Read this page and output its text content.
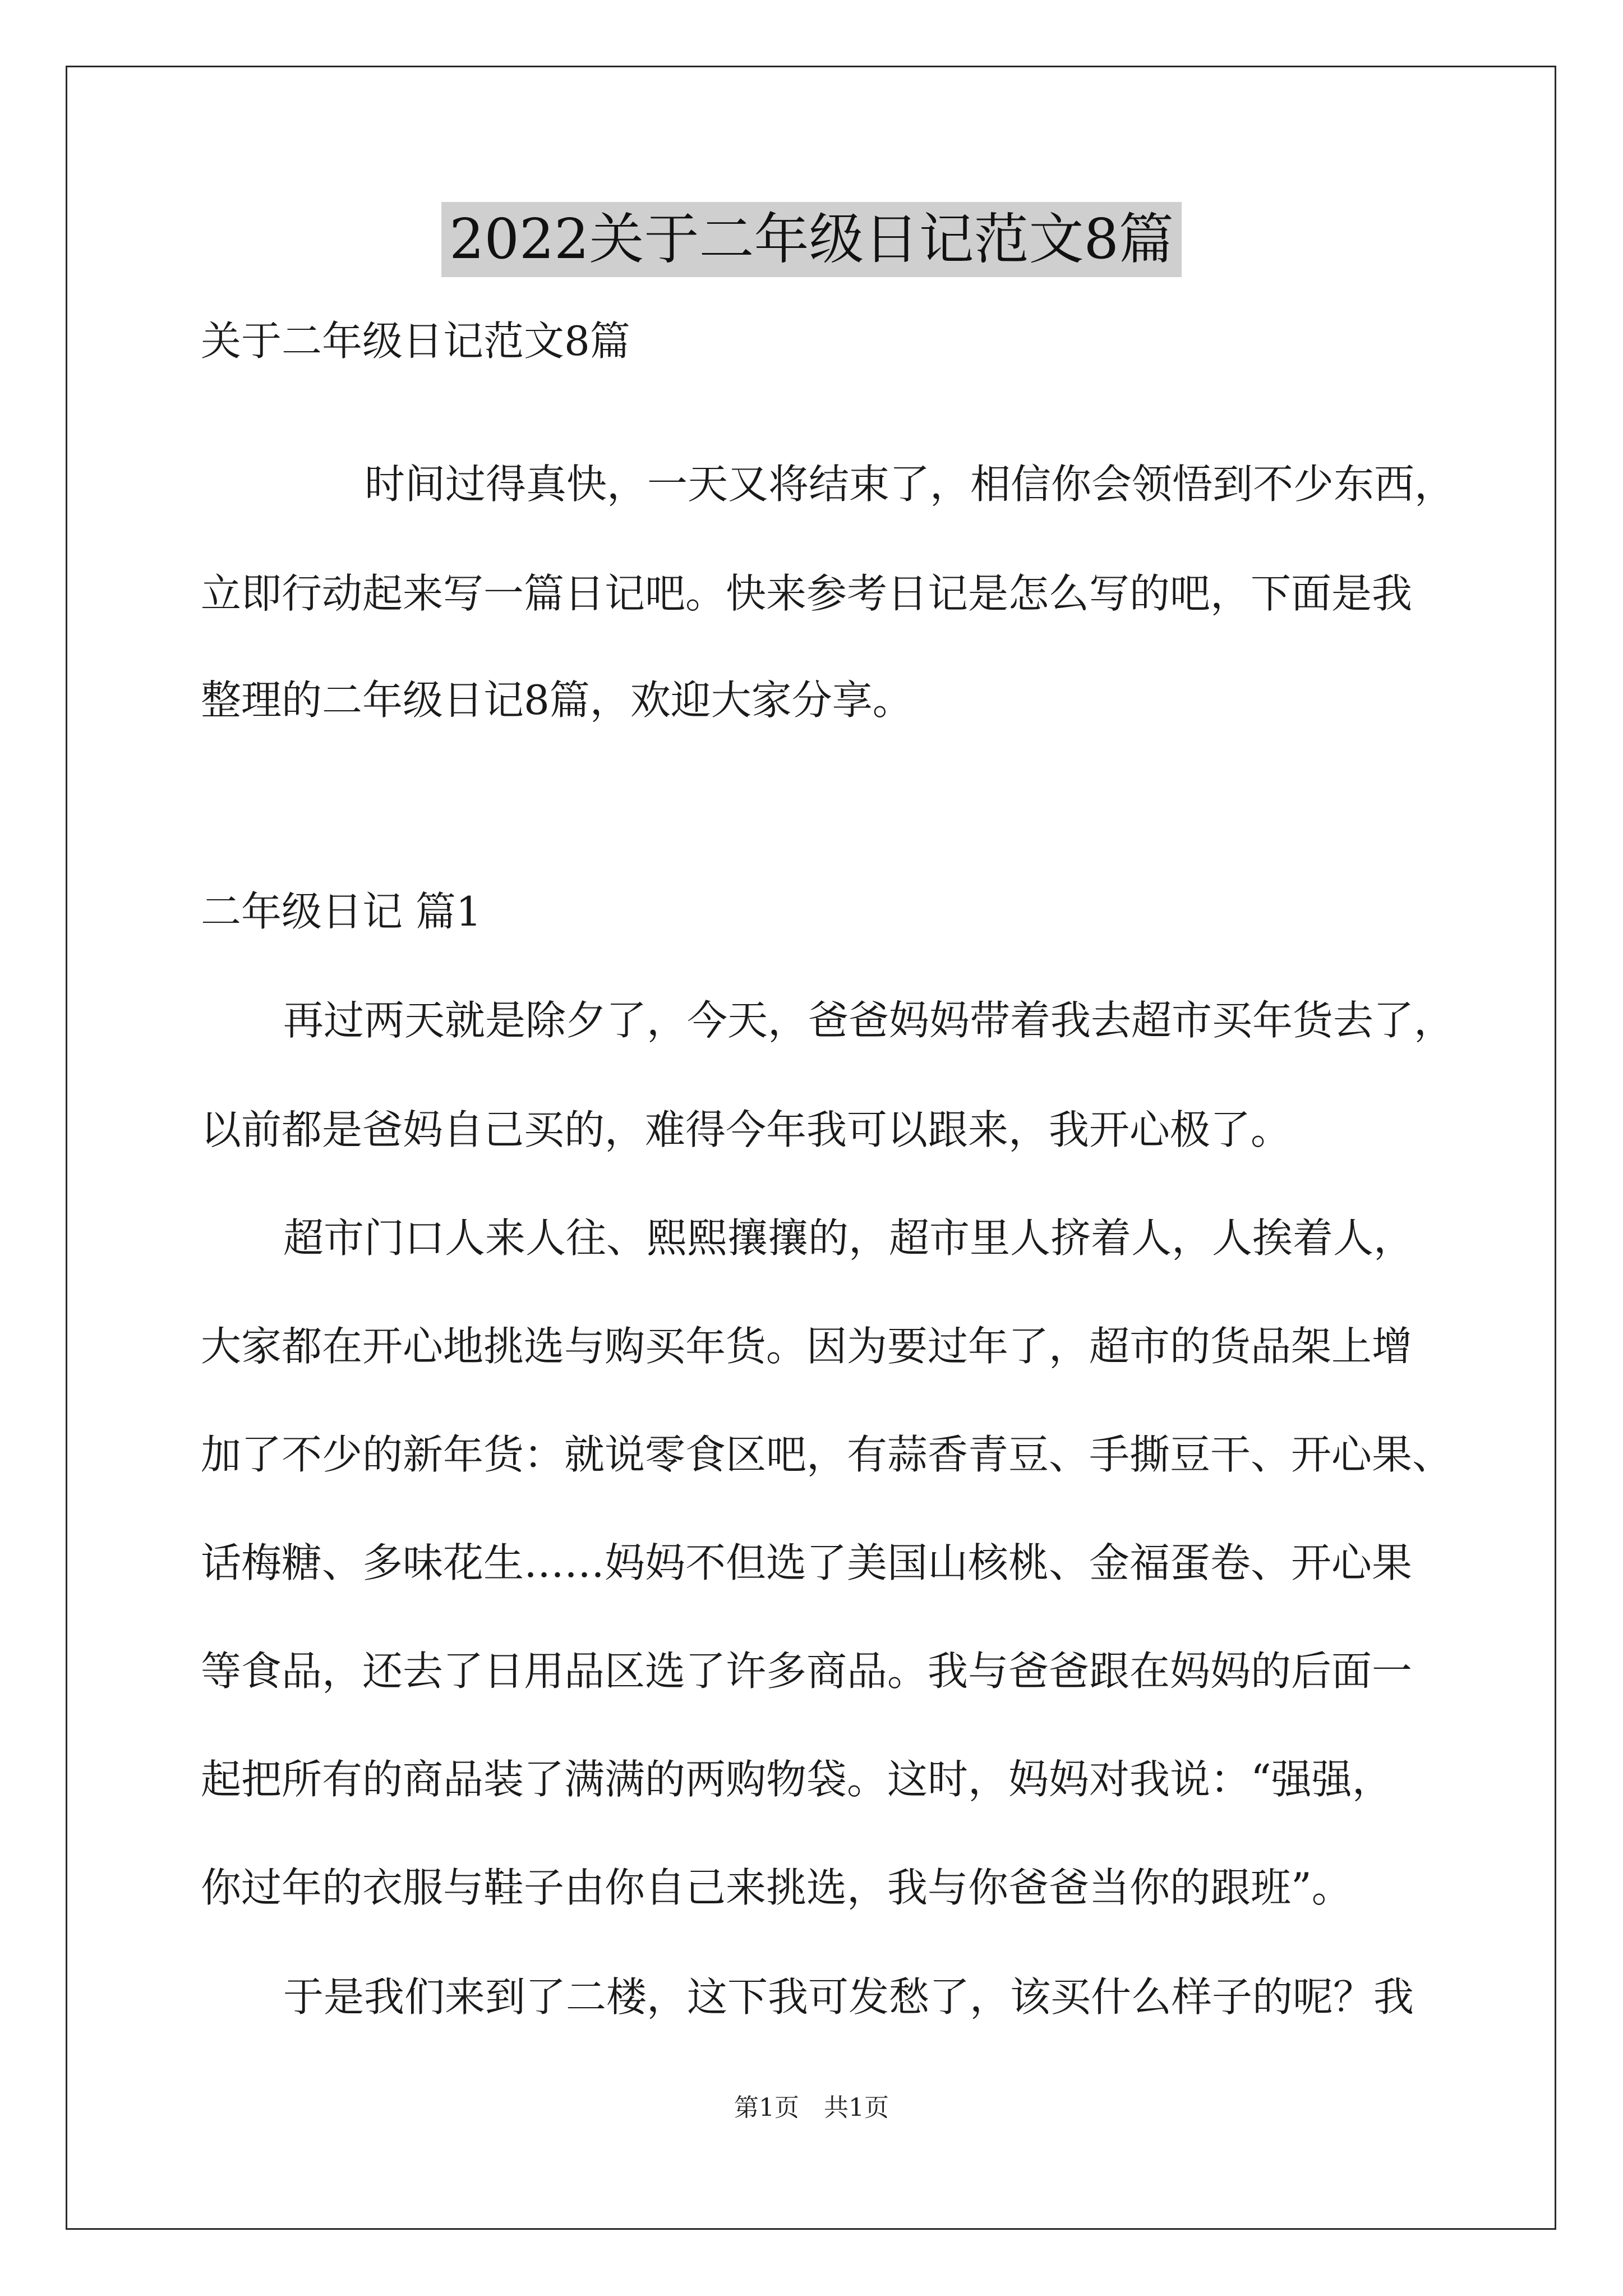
2022关于二年级日记范文8篇
关于二年级日记范文8篇
时间过得真快，一天又将结束了，相信你会领悟到不少东西，
立即行动起来写一篇日记吧。快来参考日记是怎么写的吧，下面是我
整理的二年级日记8篇，欢迎大家分享。
二年级日记 篇1
再过两天就是除夕了，今天，爸爸妈妈带着我去超市买年货去了，
以前都是爸妈自己买的，难得今年我可以跟来，我开心极了。
超市门口人来人往、熙熙攘攘的，超市里人挤着人，人挨着人，
大家都在开心地挑选与购买年货。因为要过年了，超市的货品架上增
加了不少的新年货：就说零食区吧，有蒜香青豆、手撕豆干、开心果、
话梅糖、多味花生……妈妈不但选了美国山核桃、金福蛋卷、开心果
等食品，还去了日用品区选了许多商品。我与爸爸跟在妈妈的后面一
起把所有的商品装了满满的两购物袋。这时，妈妈对我说：“强强，
你过年的衣服与鞋子由你自己来挑选，我与你爸爸当你的跟班”。
于是我们来到了二楼，这下我可发愁了，该买什么样子的呢？我
第1页　共1页
